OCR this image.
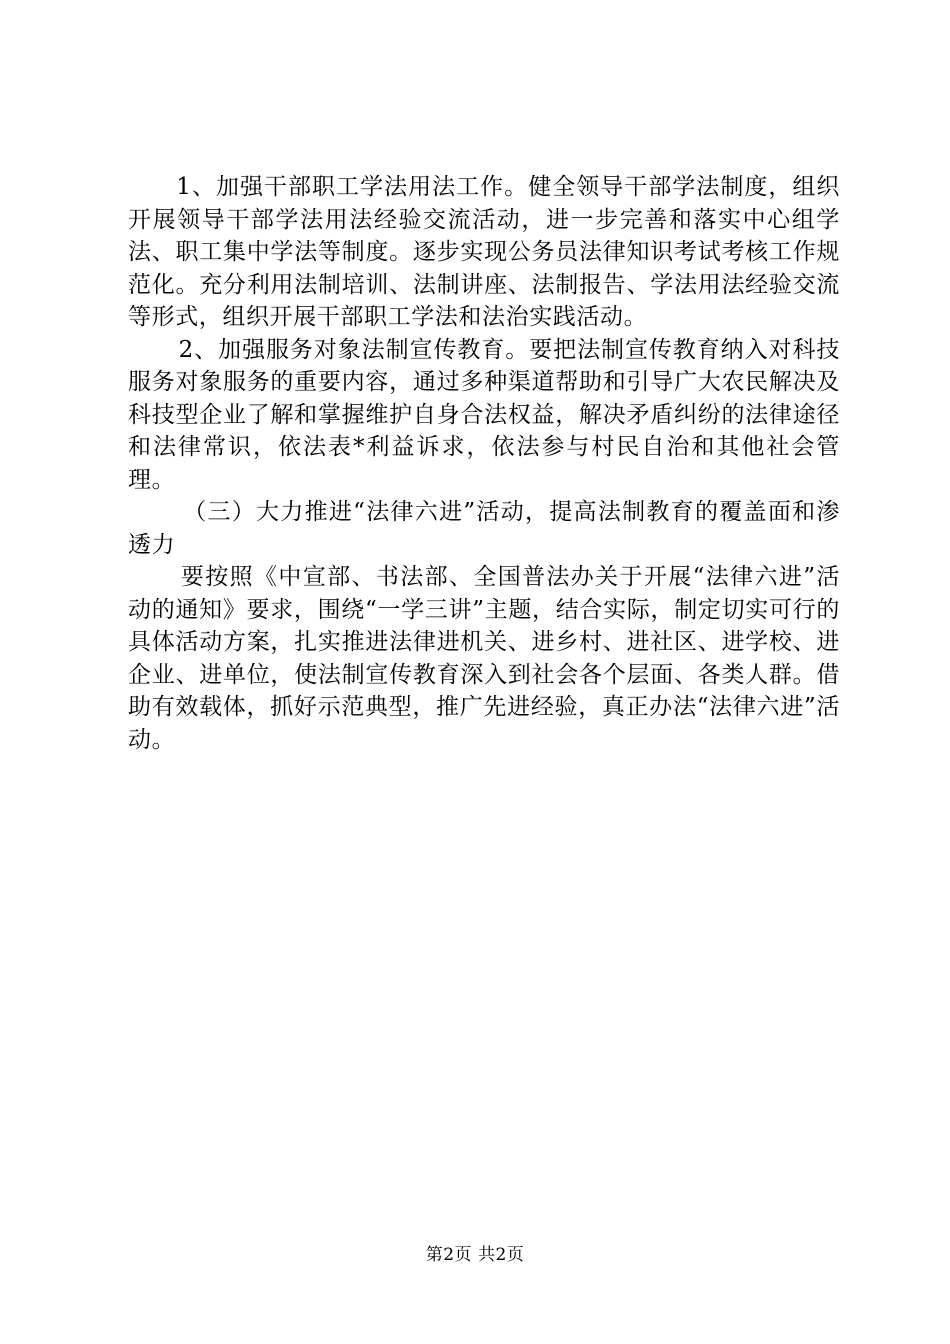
1、加强干部职工学法用法工作。健全领导干部学法制度，组织开展领导干部学法用法经验交流活动，进一步完善和落实中心组学法、职工集中学法等制度。逐步实现公务员法律知识考试考核工作规范化。充分利用法制培训、法制讲座、法制报告、学法用法经验交流等形式，组织开展干部职工学法和法治实践活动。

2、加强服务对象法制宣传教育。要把法制宣传教育纳入对科技服务对象服务的重要内容，通过多种渠道帮助和引导广大农民解决及科技型企业了解和掌握维护自身合法权益，解决矛盾纠纷的法律途径和法律常识，依法表*利益诉求，依法参与村民自治和其他社会管理。

（三）大力推进“法律六进”活动，提高法制教育的覆盖面和渗透力

要按照《中宣部、书法部、全国普法办关于开展“法律六进”活动的通知》要求，围绕“一学三讲”主题，结合实际，制定切实可行的具体活动方案，扎实推进法律进机关、进乡村、进社区、进学校、进企业、进单位，使法制宣传教育深入到社会各个层面、各类人群。借助有效载体，抓好示范典型，推广先进经验，真正办法“法律六进”活动。

第2页 共2页
